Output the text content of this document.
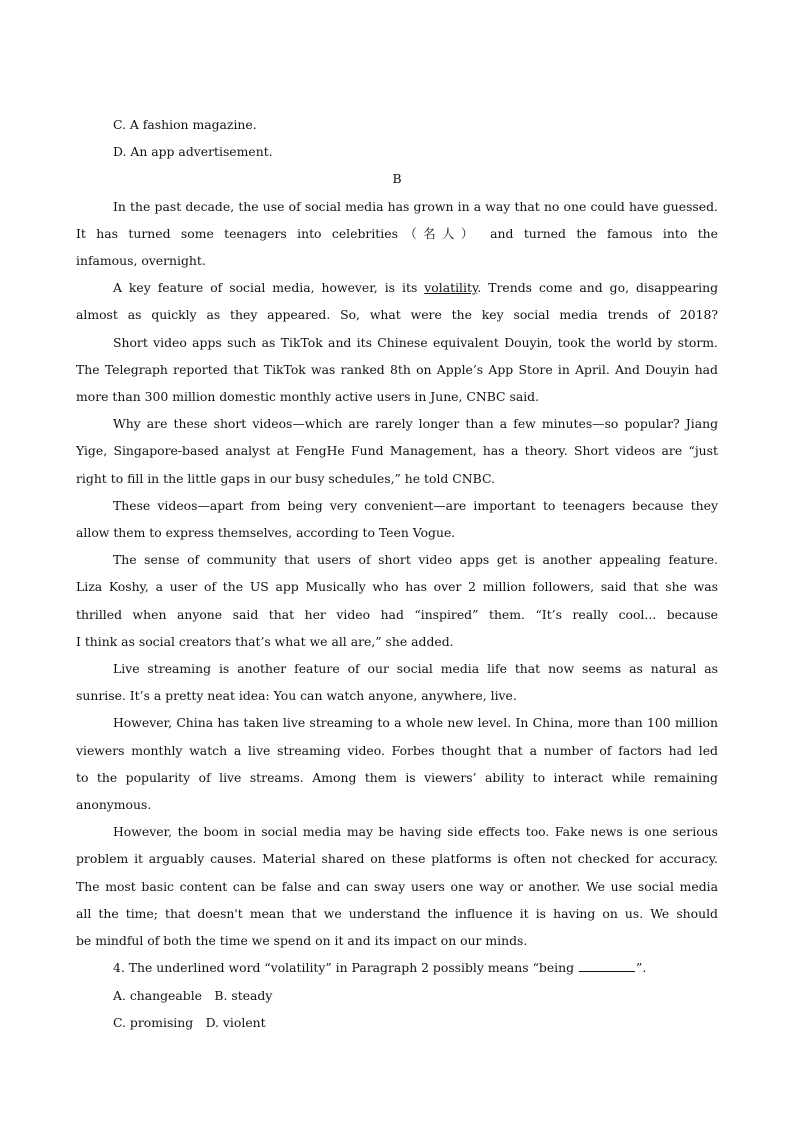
C. A fashion magazine.
D. An app advertisement.
B
In the past decade, the use of social media has grown in a way that no one could have guessed.
It has turned some teenagers into celebrities（名人） and turned the famous into the
infamous, overnight.
A key feature of social media, however, is its volatility. Trends come and go, disappearing
almost as quickly as they appeared. So, what were the key social media trends of 2018?
Short video apps such as TikTok and its Chinese equivalent Douyin, took the world by storm.
The Telegraph reported that TikTok was ranked 8th on Apple’s App Store in April. And Douyin had
more than 300 million domestic monthly active users in June, CNBC said.
Why are these short videos—which are rarely longer than a few minutes—so popular? Jiang
Yige, Singapore-based analyst at FengHe Fund Management, has a theory. Short videos are “just
right to fill in the little gaps in our busy schedules,” he told CNBC.
These videos—apart from being very convenient—are important to teenagers because they
allow them to express themselves, according to Teen Vogue.
The sense of community that users of short video apps get is another appealing feature.
Liza Koshy, a user of the US app Musically who has over 2 million followers, said that she was
thrilled when anyone said that her video had “inspired” them. “It’s really cool... because
I think as social creators that’s what we all are,” she added.
Live streaming is another feature of our social media life that now seems as natural as
sunrise. It’s a pretty neat idea: You can watch anyone, anywhere, live.
However, China has taken live streaming to a whole new level. In China, more than 100 million
viewers monthly watch a live streaming video. Forbes thought that a number of factors had led
to the popularity of live streams. Among them is viewers’ ability to interact while remaining
anonymous.
However, the boom in social media may be having side effects too. Fake news is one serious
problem it arguably causes. Material shared on these platforms is often not checked for accuracy.
The most basic content can be false and can sway users one way or another. We use social media
all the time; that doesn't mean that we understand the influence it is having on us. We should
be mindful of both the time we spend on it and its impact on our minds.
4. The underlined word “volatility” in Paragraph 2 possibly means “being	”.
A. changeable　B. steady
C. promising　D. violent
